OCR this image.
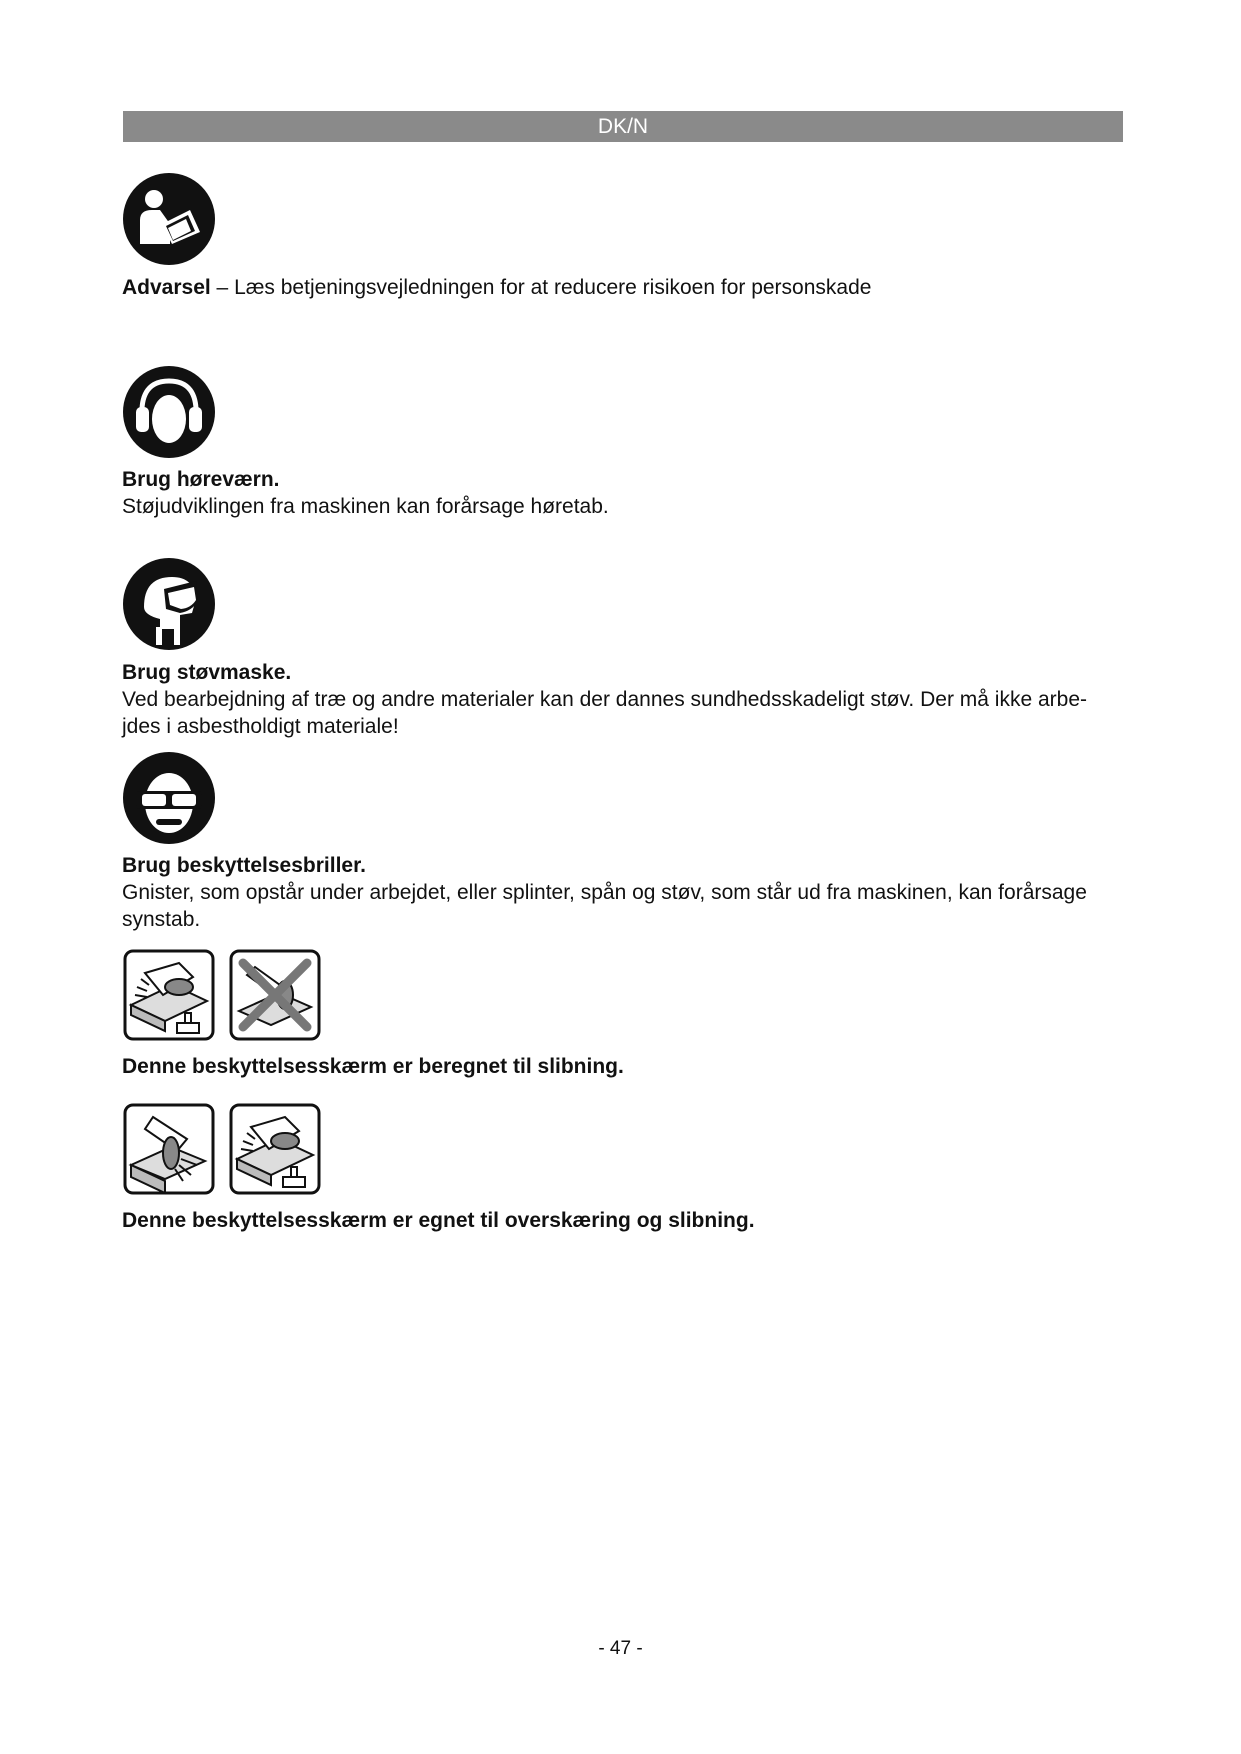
DK/N
Advarsel – Læs betjeningsvejledningen for at reducere risikoen for personskade
Brug høreværn.
Støjudviklingen fra maskinen kan forårsage høretab.
Brug støvmaske.
Ved bearbejdning af træ og andre materialer kan der dannes sundhedsskadeligt støv. Der må ikke arbe-
jdes i asbestholdigt materiale!
Brug beskyttelsesbriller.
Gnister, som opstår under arbejdet, eller splinter, spån og støv, som står ud fra maskinen, kan forårsage
synstab.
Denne beskyttelsesskærm er beregnet til slibning.
Denne beskyttelsesskærm er egnet til overskæring og slibning.
- 47 -
